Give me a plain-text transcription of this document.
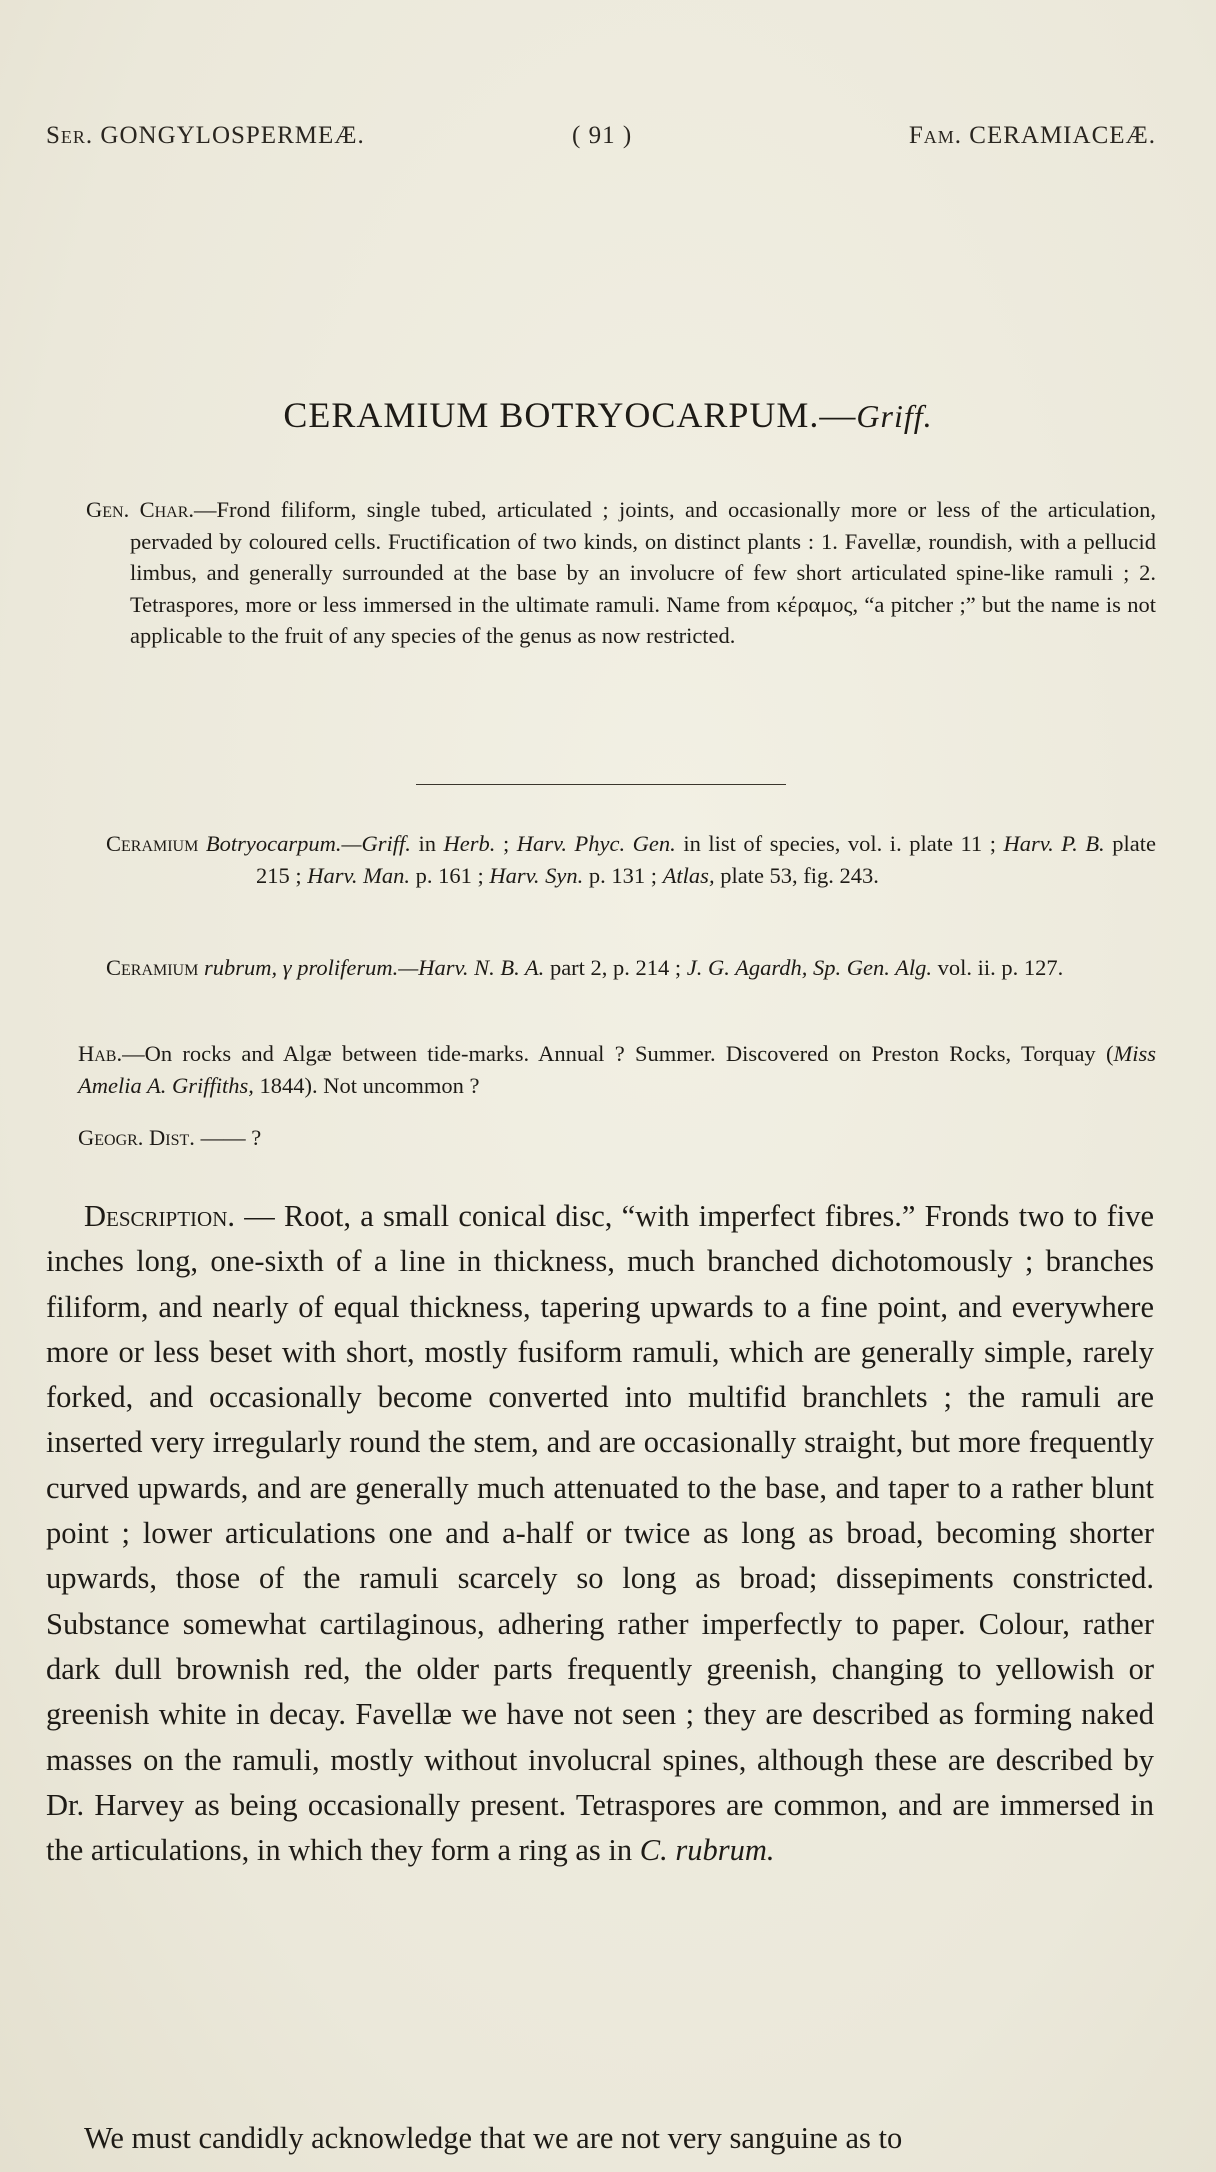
Ser. GONGYLOSPERMEÆ.	( 91 )	Fam. CERAMIACEÆ.
CERAMIUM BOTRYOCARPUM.—Griff.
Gen. Char.—Frond filiform, single tubed, articulated ; joints, and occasionally more or less of the articulation, pervaded by coloured cells. Fructification of two kinds, on distinct plants : 1. Favellæ, roundish, with a pellucid limbus, and generally surrounded at the base by an involucre of few short articulated spine-like ramuli ; 2. Tetraspores, more or less immersed in the ultimate ramuli. Name from κέραμος, “a pitcher ;” but the name is not applicable to the fruit of any species of the genus as now restricted.
Ceramium Botryocarpum.—Griff. in Herb. ; Harv. Phyc. Gen. in list of species, vol. i. plate 11 ; Harv. P. B. plate 215 ; Harv. Man. p. 161 ; Harv. Syn. p. 131 ; Atlas, plate 53, fig. 243.
Ceramium rubrum, γ proliferum.—Harv. N. B. A. part 2, p. 214 ; J. G. Agardh, Sp. Gen. Alg. vol. ii. p. 127.
Hab.—On rocks and Algæ between tide-marks. Annual ? Summer. Discovered on Preston Rocks, Torquay (Miss Amelia A. Griffiths, 1844). Not uncommon ?
Geogr. Dist. —— ?
Description. — Root, a small conical disc, “with imperfect fibres.” Fronds two to five inches long, one-sixth of a line in thickness, much branched dichotomously ; branches filiform, and nearly of equal thickness, tapering upwards to a fine point, and everywhere more or less beset with short, mostly fusiform ramuli, which are generally simple, rarely forked, and occasionally become converted into multifid branchlets ; the ramuli are inserted very irregularly round the stem, and are occasionally straight, but more frequently curved upwards, and are generally much attenuated to the base, and taper to a rather blunt point ; lower articulations one and a-half or twice as long as broad, becoming shorter upwards, those of the ramuli scarcely so long as broad; dissepiments constricted. Substance somewhat cartilaginous, adhering rather imperfectly to paper. Colour, rather dark dull brownish red, the older parts frequently greenish, changing to yellowish or greenish white in decay. Favellæ we have not seen ; they are described as forming naked masses on the ramuli, mostly without involucral spines, although these are described by Dr. Harvey as being occasionally present. Tetraspores are common, and are immersed in the articulations, in which they form a ring as in C. rubrum.
We must candidly acknowledge that we are not very sanguine as to
